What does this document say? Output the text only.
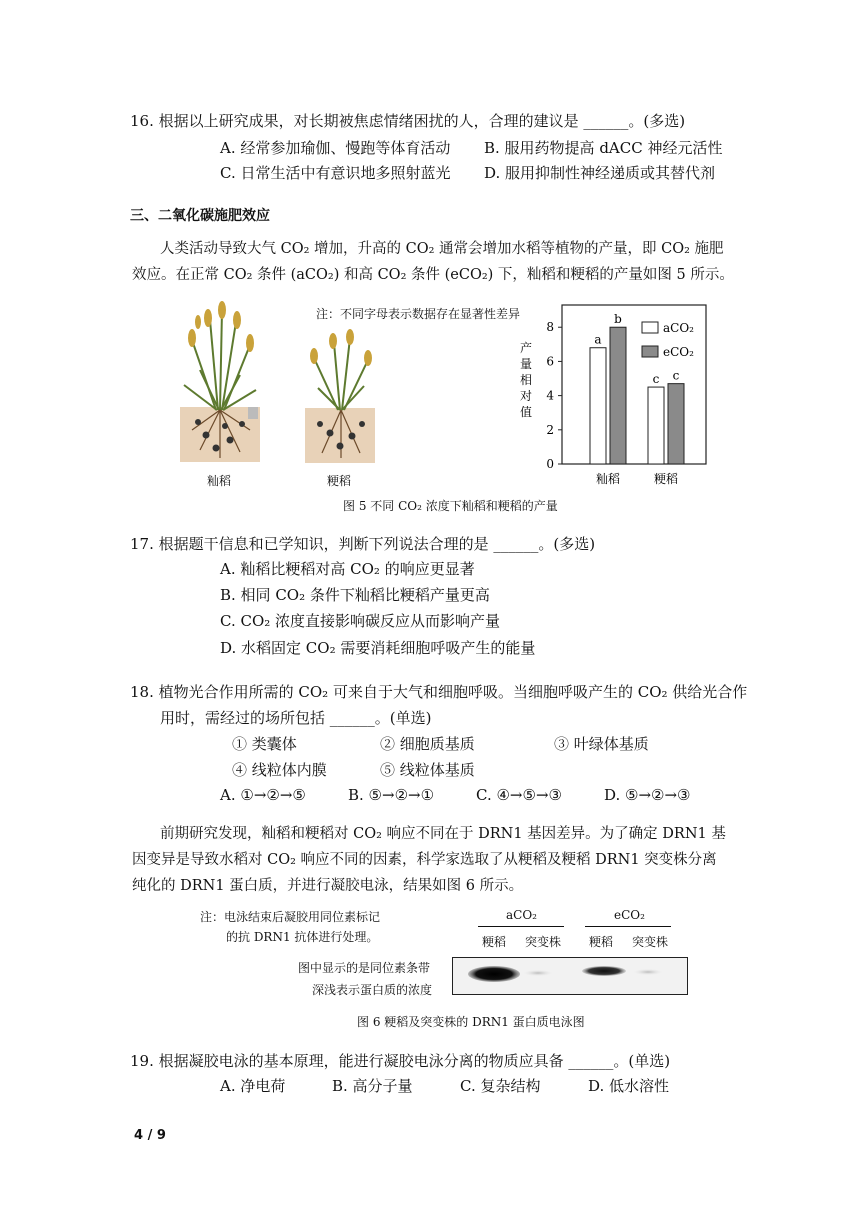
16. 根据以上研究成果，对长期被焦虑情绪困扰的人，合理的建议是 ______。(多选)
A. 经常参加瑜伽、慢跑等体育活动 B. 服用药物提高 dACC 神经元活性
C. 日常生活中有意识地多照射蓝光 D. 服用抑制性神经递质或其替代剂
三、二氧化碳施肥效应
人类活动导致大气 CO₂ 增加，升高的 CO₂ 通常会增加水稻等植物的产量，即 CO₂ 施肥
效应。在正常 CO₂ 条件 (aCO₂) 和高 CO₂ 条件 (eCO₂) 下，籼稻和粳稻的产量如图 5 所示。
籼稻	粳稻
注：不同字母表示数据存在显著性差异
0
2
4
6
8
产
量
相
对
值
a
b
籼稻
c c
粳稻
aCO₂
eCO₂
图 5 不同 CO₂ 浓度下籼稻和粳稻的产量
17. 根据题干信息和已学知识，判断下列说法合理的是 ______。(多选)
A. 籼稻比粳稻对高 CO₂ 的响应更显著
B. 相同 CO₂ 条件下籼稻比粳稻产量更高
C. CO₂ 浓度直接影响碳反应从而影响产量
D. 水稻固定 CO₂ 需要消耗细胞呼吸产生的能量
18. 植物光合作用所需的 CO₂ 可来自于大气和细胞呼吸。当细胞呼吸产生的 CO₂ 供给光合作
用时，需经过的场所包括 ______。(单选)
① 类囊体	② 细胞质基质	③ 叶绿体基质
④ 线粒体内膜	⑤ 线粒体基质
A. ①→②→⑤	B. ⑤→②→①	C. ④→⑤→③	D. ⑤→②→③
前期研究发现，籼稻和粳稻对 CO₂ 响应不同在于 DRN1 基因差异。为了确定 DRN1 基
因变异是导致水稻对 CO₂ 响应不同的因素，科学家选取了从粳稻及粳稻 DRN1 突变株分离
纯化的 DRN1 蛋白质，并进行凝胶电泳，结果如图 6 所示。
注：电泳结束后凝胶用同位素标记
的抗 DRN1 抗体进行处理。
aCO₂	eCO₂
粳稻 突变株 粳稻 突变株
图中显示的是同位素条带
深浅表示蛋白质的浓度
图 6 粳稻及突变株的 DRN1 蛋白质电泳图
19. 根据凝胶电泳的基本原理，能进行凝胶电泳分离的物质应具备 ______。(单选)
A. 净电荷	B. 高分子量	C. 复杂结构	D. 低水溶性
4 / 9
